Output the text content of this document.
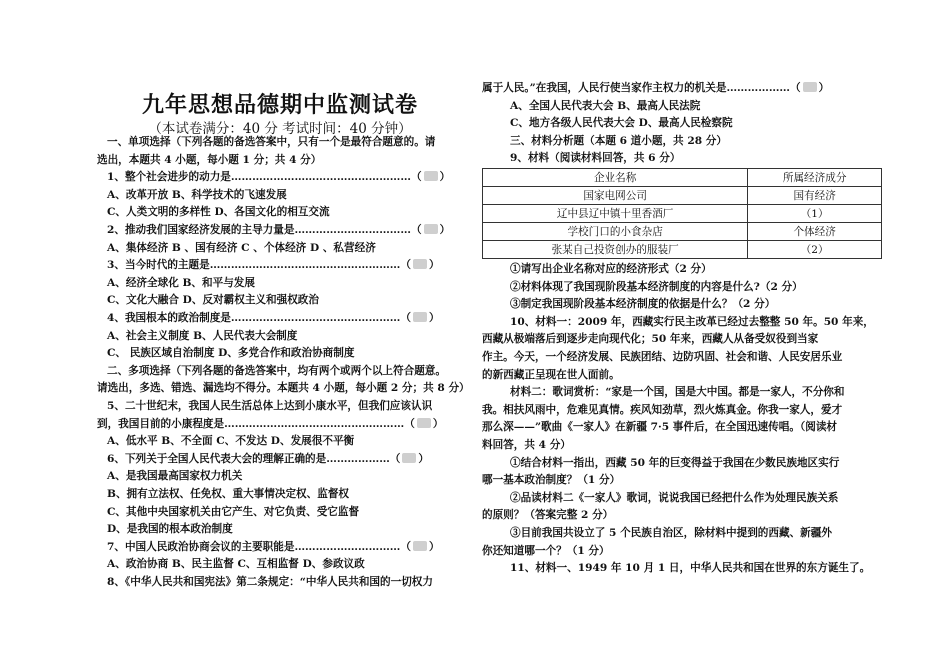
九年思想品德期中监测试卷
（本试卷满分：40 分 考试时间：40 分钟）
一、单项选择（下列各题的备选答案中，只有一个是最符合题意的。请
选出，本题共 4 小题，每小题 1 分；共 4 分）
1、整个社会进步的动力是……………………………………………（ ）
A、改革开放 B、科学技术的飞速发展
C、人类文明的多样性 D、各国文化的相互交流
2、推动我们国家经济发展的主导力量是……………………………（ ）
A、集体经济 B 、国有经济 C 、个体经济 D 、私营经济
3、当今时代的主题是………………………………………………（ ）
A、经济全球化 B、和平与发展
C、文化大融合 D、反对霸权主义和强权政治
4、我国根本的政治制度是…………………………………………（ ）
A、社会主义制度 B、人民代表大会制度
C、 民族区域自治制度 D、多党合作和政治协商制度
二、多项选择（下列各题的备选答案中，均有两个或两个以上符合题意。
请选出，多选、错选、漏选均不得分。本题共 4 小题，每小题 2 分；共 8 分）
5、二十世纪末，我国人民生活总体上达到小康水平，但我们应该认识
到，我国目前的小康程度是……………………………………………（ ）
A、低水平 B、不全面 C、不发达 D、发展很不平衡
6、下列关于全国人民代表大会的理解正确的是………………（ ）
A、是我国最高国家权力机关
B、拥有立法权、任免权、重大事情决定权、监督权
C、其他中央国家机关由它产生、对它负责、受它监督
D、是我国的根本政治制度
7、中国人民政治协商会议的主要职能是…………………………（ ）
A、政治协商 B、民主监督 C、互相监督 D、参政议政
8、《中华人民共和国宪法》第二条规定：“中华人民共和国的一切权力
属于人民。”在我国，人民行使当家作主权力的机关是………………（ ）
A、全国人民代表大会 B、最高人民法院
C、地方各级人民代表大会 D、最高人民检察院
三、材料分析题（本题 6 道小题，共 28 分）
9、材料（阅读材料回答，共 6 分）
企业名称	所属经济成分
国家电网公司	国有经济
辽中县辽中镇十里香酒厂	（1）
学校门口的小食杂店	个体经济
张某自己投资创办的服装厂	（2）
①请写出企业名称对应的经济形式（2 分）
②材料体现了我国现阶段基本经济制度的内容是什么?（2 分）
③制定我国现阶段基本经济制度的依据是什么？（2 分）
10、材料一：2009 年，西藏实行民主改革已经过去整整 50 年。50 年来，
西藏从极端落后到逐步走向现代化；50 年来，西藏人从备受奴役到当家
作主。今天，一个经济发展、民族团结、边防巩固、社会和谐、人民安居乐业
的新西藏正呈现在世人面前。
材料二：歌词赏析：“家是一个国，国是大中国。都是一家人，不分你和
我。相扶风雨中，危难见真情。疾风知劲草，烈火炼真金。你我一家人，爱才
那么深——”歌曲《一家人》在新疆 7·5 事件后，在全国迅速传唱。（阅读材
料回答，共 4 分）
①结合材料一指出，西藏 50 年的巨变得益于我国在少数民族地区实行
哪一基本政治制度？（1 分）
②品读材料二《一家人》歌词，说说我国已经把什么作为处理民族关系
的原则？（答案完整 2 分）
③目前我国共设立了 5 个民族自治区，除材料中提到的西藏、新疆外
你还知道哪一个？（1 分）
11、材料一、1949 年 10 月 1 日，中华人民共和国在世界的东方诞生了。
